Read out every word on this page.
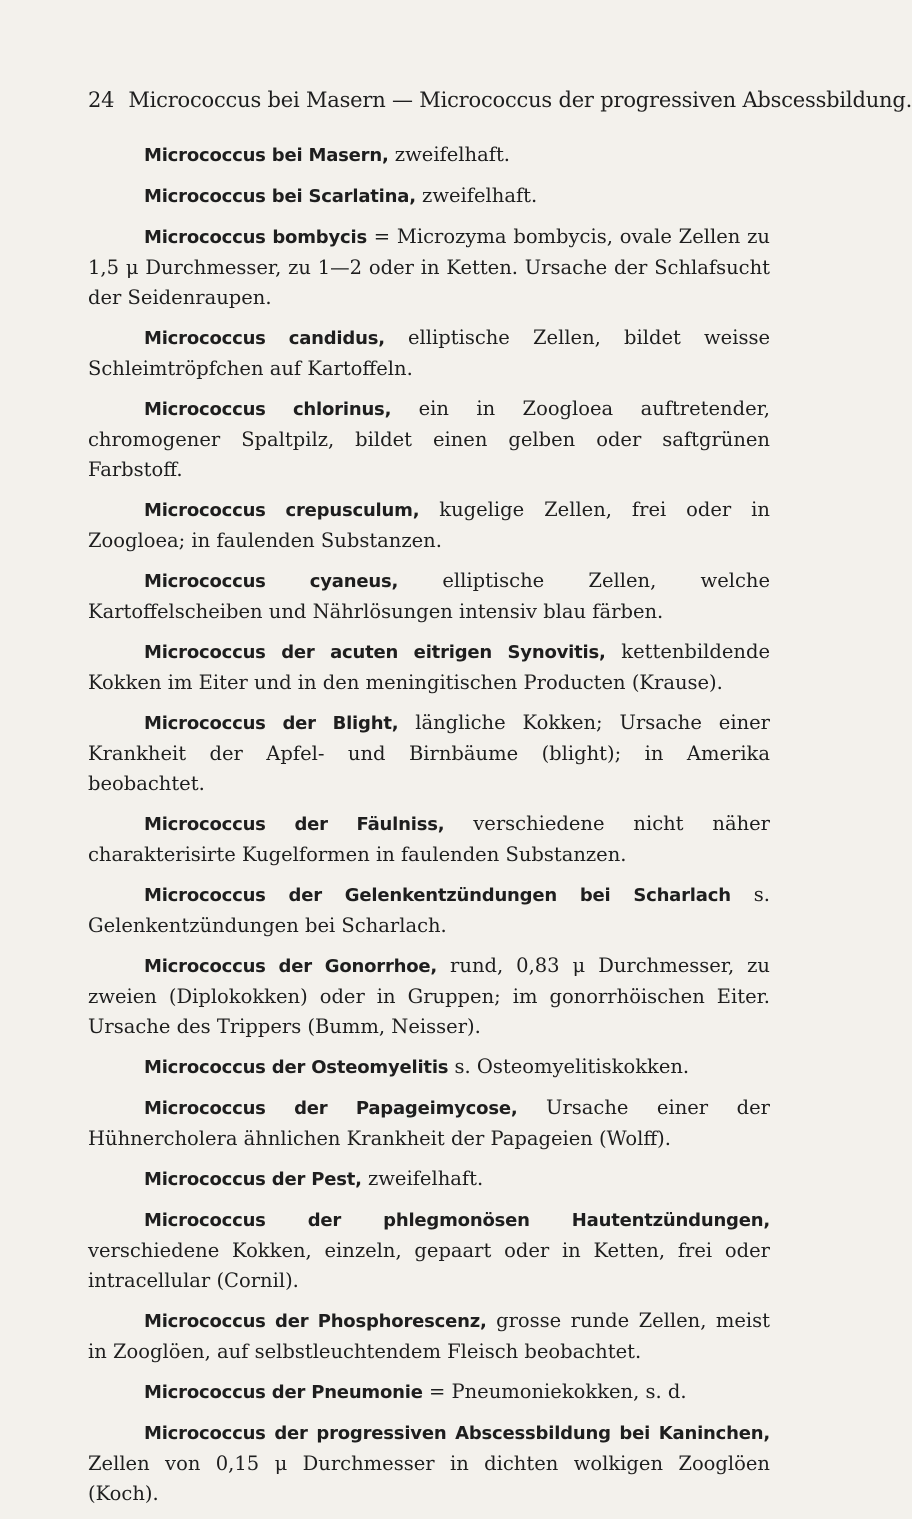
24 Micrococcus bei Masern — Micrococcus der progressiven Abscessbildung.

Micrococcus bei Masern, zweifelhaft.

Micrococcus bei Scarlatina, zweifelhaft.

Micrococcus bombycis = Microzyma bombycis, ovale Zellen zu 1,5 μ Durchmesser, zu 1—2 oder in Ketten. Ursache der Schlafsucht der Seidenraupen.

Micrococcus candidus, elliptische Zellen, bildet weisse Schleimtröpfchen auf Kartoffeln.

Micrococcus chlorinus, ein in Zoogloea auftretender, chromogener Spaltpilz, bildet einen gelben oder saftgrünen Farbstoff.

Micrococcus crepusculum, kugelige Zellen, frei oder in Zoogloea; in faulenden Substanzen.

Micrococcus cyaneus, elliptische Zellen, welche Kartoffelscheiben und Nährlösungen intensiv blau färben.

Micrococcus der acuten eitrigen Synovitis, kettenbildende Kokken im Eiter und in den meningitischen Producten (Krause).

Micrococcus der Blight, längliche Kokken; Ursache einer Krankheit der Apfel- und Birnbäume (blight); in Amerika beobachtet.

Micrococcus der Fäulniss, verschiedene nicht näher charakterisirte Kugelformen in faulenden Substanzen.

Micrococcus der Gelenkentzündungen bei Scharlach s. Gelenkentzündungen bei Scharlach.

Micrococcus der Gonorrhoe, rund, 0,83 μ Durchmesser, zu zweien (Diplokokken) oder in Gruppen; im gonorrhöischen Eiter. Ursache des Trippers (Bumm, Neisser).

Micrococcus der Osteomyelitis s. Osteomyelitiskokken.

Micrococcus der Papageimycose, Ursache einer der Hühnercholera ähnlichen Krankheit der Papageien (Wolff).

Micrococcus der Pest, zweifelhaft.

Micrococcus der phlegmonösen Hautentzündungen, verschiedene Kokken, einzeln, gepaart oder in Ketten, frei oder intracellular (Cornil).

Micrococcus der Phosphorescenz, grosse runde Zellen, meist in Zooglöen, auf selbstleuchtendem Fleisch beobachtet.

Micrococcus der Pneumonie = Pneumoniekokken, s. d.

Micrococcus der progressiven Abscessbildung bei Kaninchen, Zellen von 0,15 μ Durchmesser in dichten wolkigen Zooglöen (Koch).
